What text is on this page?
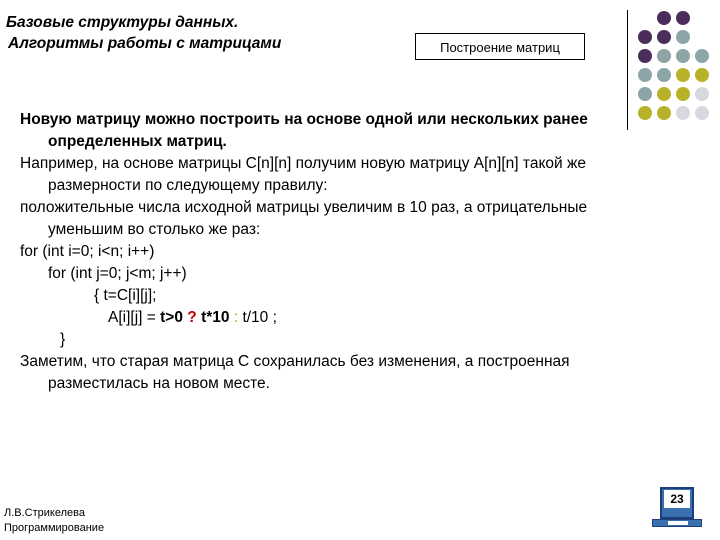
Базовые структуры данных.
Алгоритмы работы с матрицами	Построение матриц
Новую матрицу можно построить на основе одной или нескольких ранее
определенных матриц.
Например, на основе матрицы C[n][n] получим новую матрицу A[n][n] такой же
размерности по следующему правилу:
положительные числа исходной матрицы увеличим в 10 раз, а отрицательные
уменьшим во столько же раз:
for (int i=0; i<n; i++)
for (int j=0; j<m; j++)
{ t=C[i][j];
A[i][j] = t>0 ? t*10 : t/10 ;
}
Заметим, что старая матрица C сохранилась без изменения, а построенная
разместилась на новом месте.
Л.В.Стрикелева
Программирование
23
